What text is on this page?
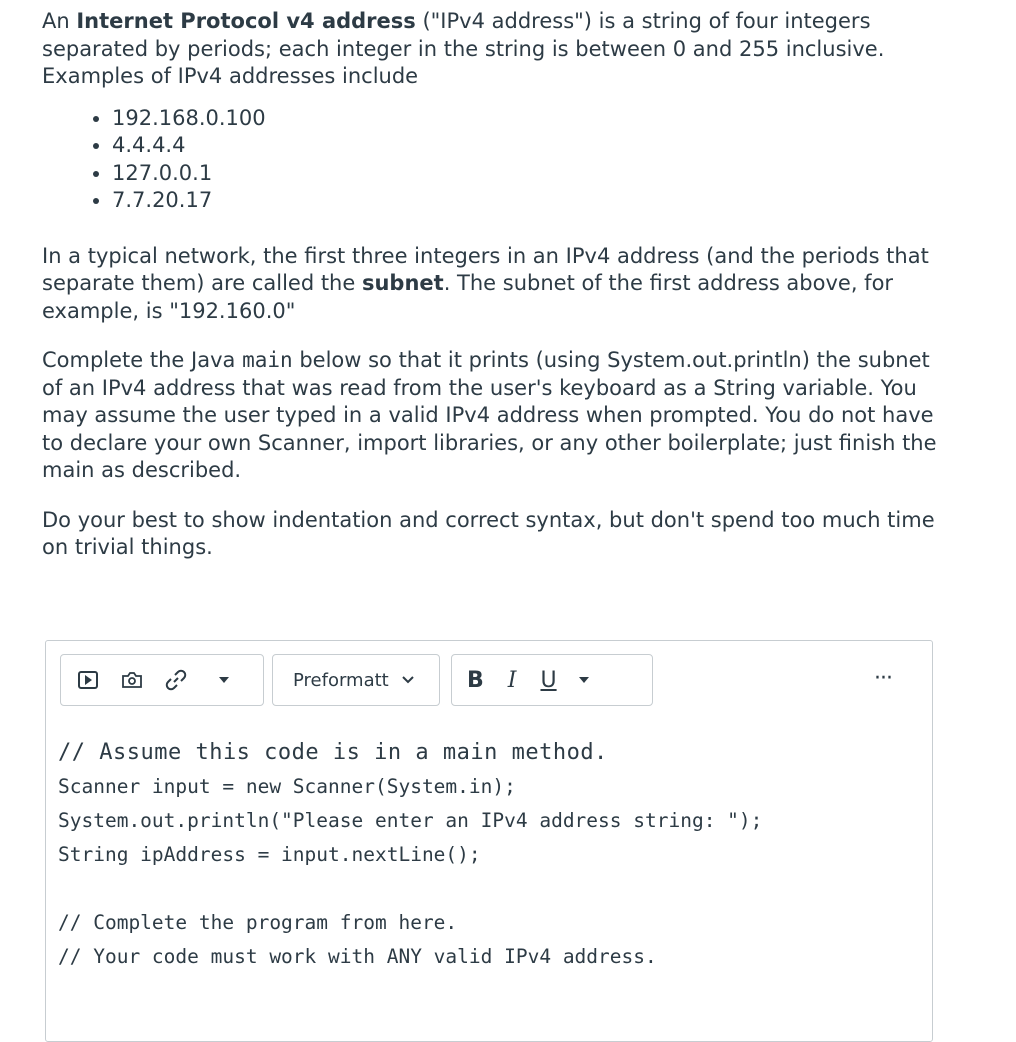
An Internet Protocol v4 address ("IPv4 address") is a string of four integers separated by periods; each integer in the string is between 0 and 255 inclusive. Examples of IPv4 addresses include

• 192.168.0.100
• 4.4.4.4
• 127.0.0.1
• 7.7.20.17

In a typical network, the first three integers in an IPv4 address (and the periods that separate them) are called the subnet. The subnet of the first address above, for example, is "192.160.0"

Complete the Java main below so that it prints (using System.out.println) the subnet of an IPv4 address that was read from the user's keyboard as a String variable. You may assume the user typed in a valid IPv4 address when prompted. You do not have to declare your own Scanner, import libraries, or any other boilerplate; just finish the main as described.

Do your best to show indentation and correct syntax, but don't spend too much time on trivial things.

Preformatt	B I U	···
// Assume this code is in a main method.
Scanner input = new Scanner(System.in);
System.out.println("Please enter an IPv4 address string: ");
String ipAddress = input.nextLine();
// Complete the program from here.
// Your code must work with ANY valid IPv4 address.
